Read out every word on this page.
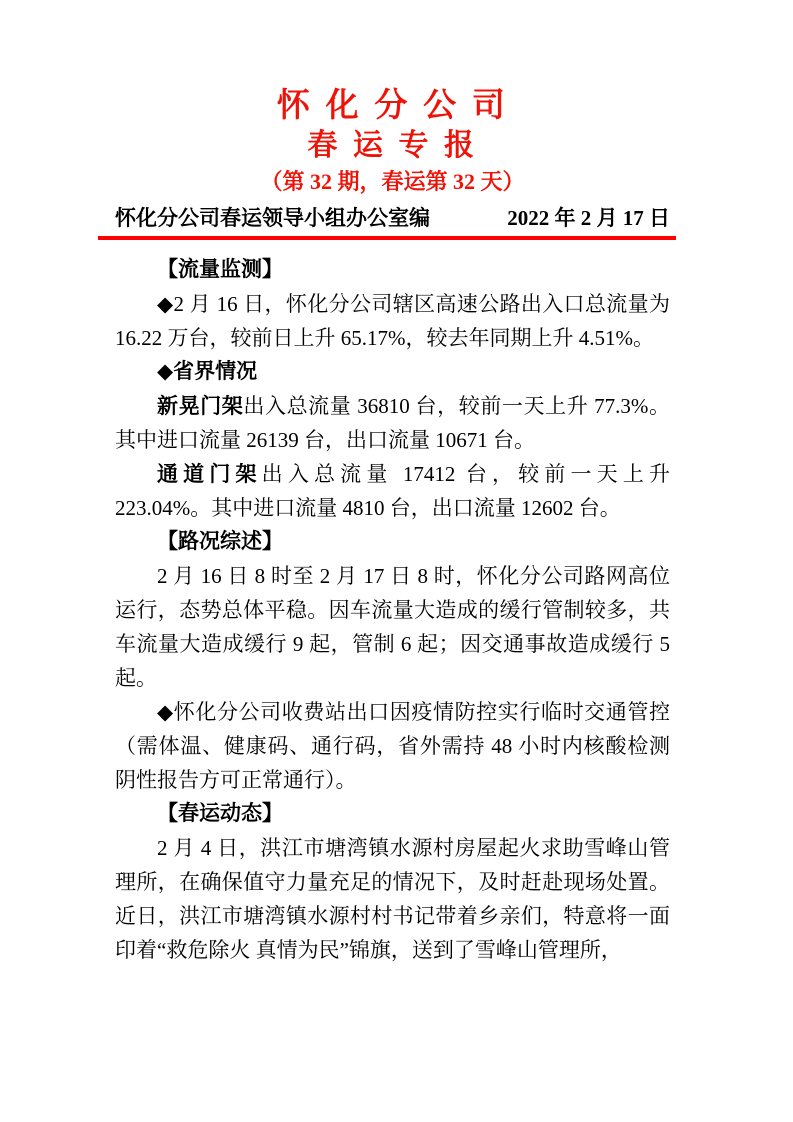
怀 化 分 公 司
春 运 专 报
（第 32 期，春运第 32 天）
怀化分公司春运领导小组办公室编	2022 年 2 月 17 日

【流量监测】

◆2 月 16 日，怀化分公司辖区高速公路出入口总流量为 16.22 万台，较前日上升 65.17%，较去年同期上升 4.51%。

◆省界情况

新晃门架出入总流量 36810 台，较前一天上升 77.3%。其中进口流量 26139 台，出口流量 10671 台。

通道门架出入总流量 17412 台，较前一天上升 223.04%。其中进口流量 4810 台，出口流量 12602 台。

【路况综述】

2 月 16 日 8 时至 2 月 17 日 8 时，怀化分公司路网高位运行，态势总体平稳。因车流量大造成的缓行管制较多，共车流量大造成缓行 9 起，管制 6 起；因交通事故造成缓行 5 起。

◆怀化分公司收费站出口因疫情防控实行临时交通管控（需体温、健康码、通行码，省外需持 48 小时内核酸检测阴性报告方可正常通行）。

【春运动态】

2 月 4 日，洪江市塘湾镇水源村房屋起火求助雪峰山管理所，在确保值守力量充足的情况下，及时赶赴现场处置。近日，洪江市塘湾镇水源村村书记带着乡亲们，特意将一面印着“救危除火 真情为民”锦旗，送到了雪峰山管理所，
